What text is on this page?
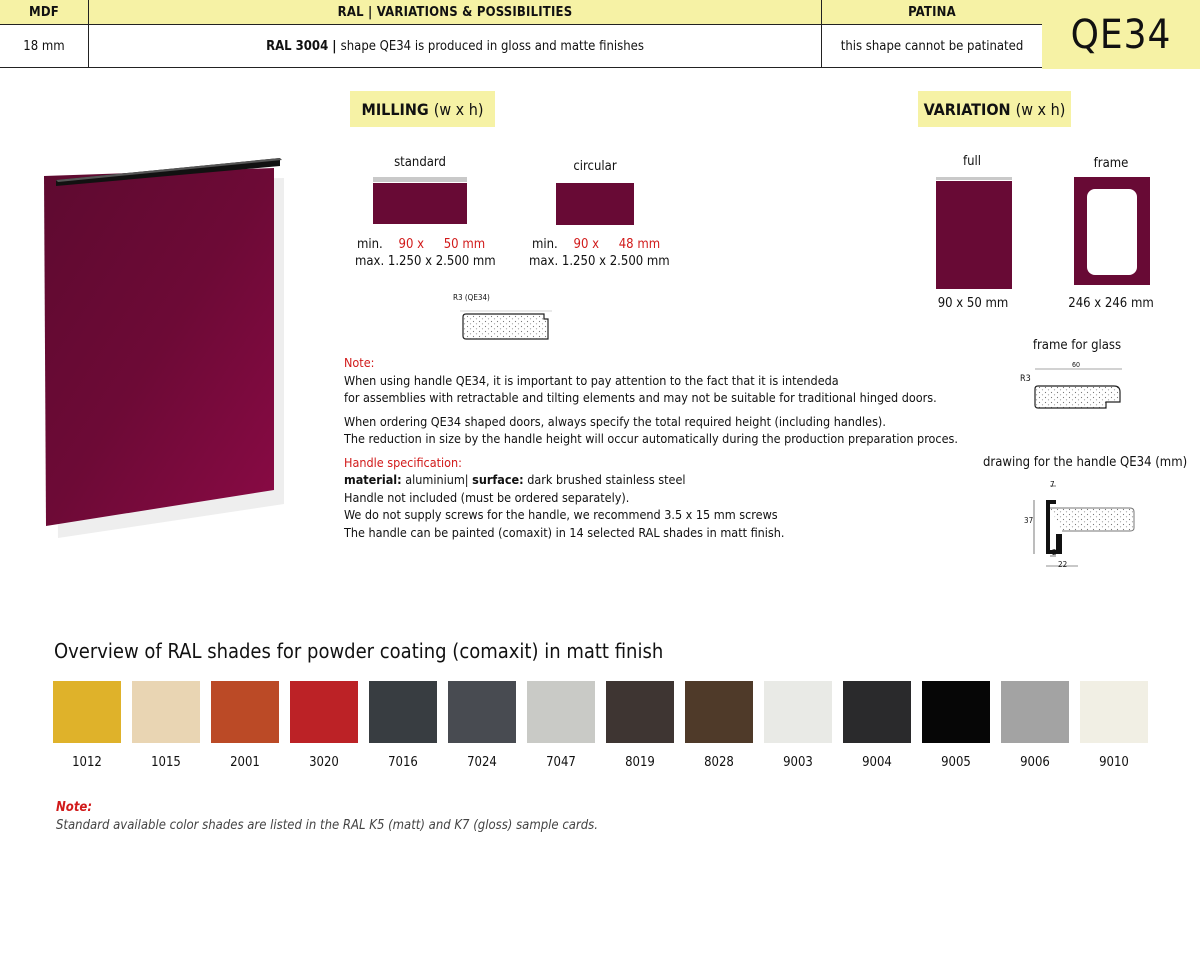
MDF	RAL | VARIATIONS & POSSIBILITIES	PATINA
18 mm	RAL 3004 | shape QE34 is produced in gloss and matte finishes	this shape cannot be patinated	QE34
MILLING (w x h)
standard
min. 90 x 50 mm
max. 1.250 x 2.500 mm
circular
min. 90 x 48 mm
max. 1.250 x 2.500 mm
R3 (QE34)
VARIATION (w x h)
full
90 x 50 mm
frame
246 x 246 mm
frame for glass
R3
60
drawing for the handle QE34 (mm)
7
37
2
22
Note:
When using handle QE34, it is important to pay attention to the fact that it is intendeda
for assemblies with retractable and tilting elements and may not be suitable for traditional hinged doors.
When ordering QE34 shaped doors, always specify the total required height (including handles).
The reduction in size by the handle height will occur automatically during the production preparation proces.
Handle specification:
material: aluminium| surface: dark brushed stainless steel
Handle not included (must be ordered separately).
We do not supply screws for the handle, we recommend 3.5 x 15 mm screws
The handle can be painted (comaxit) in 14 selected RAL shades in matt finish.
Overview of RAL shades for powder coating (comaxit) in matt finish
1012	1015	2001	3020	7016	7024	7047	8019	8028	9003	9004	9005	9006	9010
Note:
Standard available color shades are listed in the RAL K5 (matt) and K7 (gloss) sample cards.
